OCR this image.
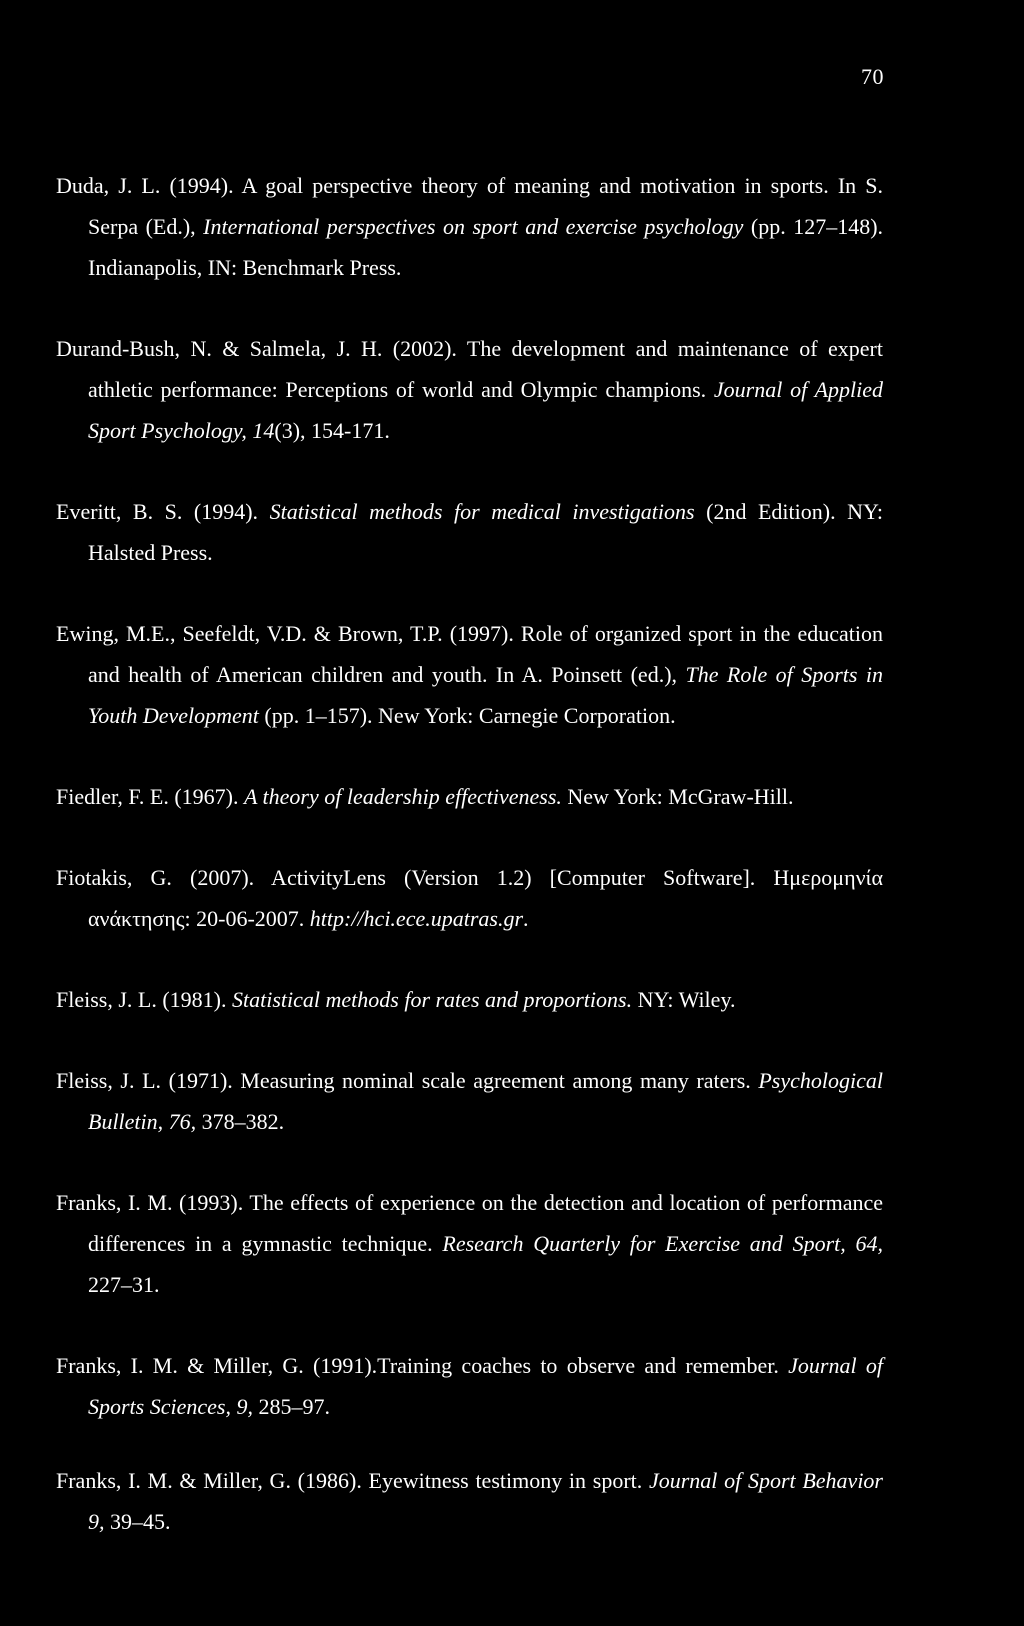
70
Duda, J. L. (1994). A goal perspective theory of meaning and motivation in sports. In S. Serpa (Ed.), International perspectives on sport and exercise psychology (pp. 127–148). Indianapolis, IN: Benchmark Press.
Durand-Bush, N. & Salmela, J. H. (2002). The development and maintenance of expert athletic performance: Perceptions of world and Olympic champions. Journal of Applied Sport Psychology, 14(3), 154-171.
Everitt, B. S. (1994). Statistical methods for medical investigations (2nd Edition). NY: Halsted Press.
Ewing, M.E., Seefeldt, V.D. & Brown, T.P. (1997). Role of organized sport in the education and health of American children and youth. In A. Poinsett (ed.), The Role of Sports in Youth Development (pp. 1–157). New York: Carnegie Corporation.
Fiedler, F. E. (1967). A theory of leadership effectiveness. New York: McGraw-Hill.
Fiotakis, G. (2007). ActivityLens (Version 1.2) [Computer Software]. Ημερομηνία ανάκτησης: 20-06-2007. http://hci.ece.upatras.gr.
Fleiss, J. L. (1981). Statistical methods for rates and proportions. NY: Wiley.
Fleiss, J. L. (1971). Measuring nominal scale agreement among many raters. Psychological Bulletin, 76, 378–382.
Franks, I. M. (1993). The effects of experience on the detection and location of performance differences in a gymnastic technique. Research Quarterly for Exercise and Sport, 64, 227–31.
Franks, I. M. & Miller, G. (1991).Training coaches to observe and remember. Journal of Sports Sciences, 9, 285–97.
Franks, I. M. & Miller, G. (1986). Eyewitness testimony in sport. Journal of Sport Behavior 9, 39–45.
